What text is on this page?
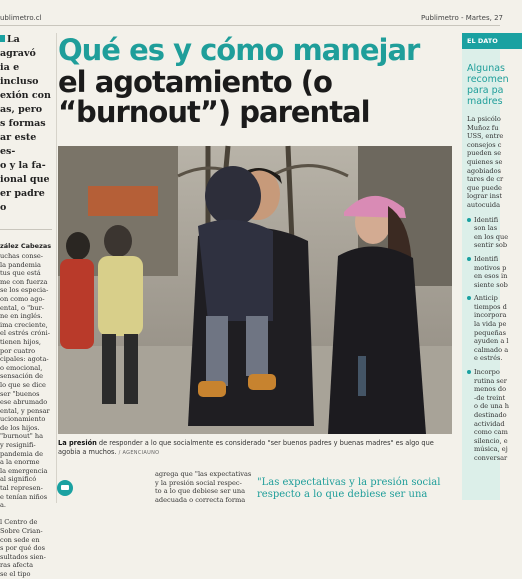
ublimetro.cl	Publimetro - Martes, 27
La
agravó
ia e incluso
exión con
as, pero
s formas
ar este es-
o y la fa-
ional que
er padre o
zález Cabezas
uchas conse-
la pandemia
tus que está
me con fuerza
se los especia-
on como ago-
ental, o "bur-
ne en inglés.
ima creciente,
el estrés cróni-
tienen hijos,
por cuatro
cipales: agota-
o emocional,
sensación de
lo que se dice
ser "buenos
ese abrumado
ental, y pensar
ucionamiento
de los hijos.
"burnout" ha
y resignifi-
pandemia de
a la enorme
la emergencia
al significó
tal represen-
e tenían niños
a.

l Centro de
Sobre Crian-
con sede en
s por qué dos
sultados sien-
ras afecta
se el tipo
Qué es y cómo manejar
el agotamiento (o
“burnout”) parental
La presión de responder a lo que socialmente es considerado "ser buenos padres y buenas madres" es algo que agobia a muchos. / AGENCIAUNO
agrega que "las expectativas
y la presión social respec-
to a lo que debiese ser una
adecuada o correcta forma
"Las expectativas y la presión social
respecto a lo que debiese ser una
EL DATO
Algunas
recomen
para pa
madres
La psicólo
Muñoz fu
USS, entre
consejos c
pueden se
quienes se
agobiados
tares de cr
que puede
lograr inst
autocuida
Identifi
son las
en los que
sentir sob
Identifi
motivos p
en esos in
siente sob
Anticip
tiempos d
incorpora
la vida pe
pequeñas
ayuden a l
calmado a
e estrés.
Incorpo
rutina ser
menos do
-de treint
o de una h
destinado
actividad
como cam
silencio, e
música, ej
conversar
